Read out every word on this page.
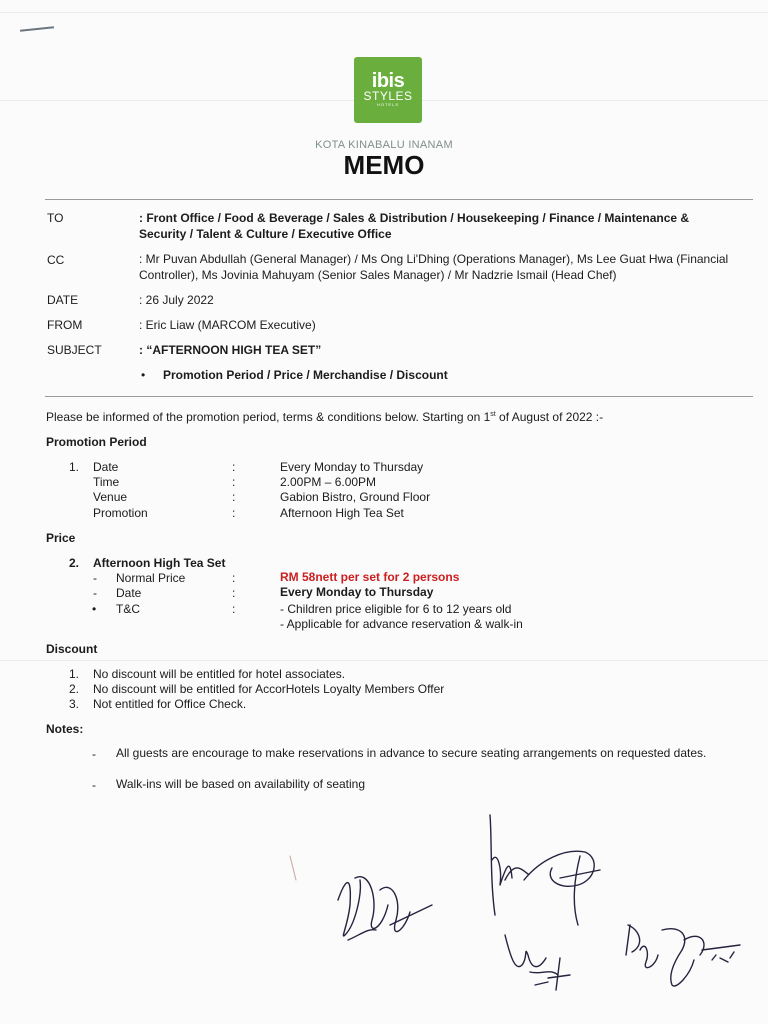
ibis
STYLES
HOTELS
KOTA KINABALU INANAM
MEMO
TO	: Front Office / Food & Beverage / Sales & Distribution / Housekeeping / Finance / Maintenance & Security / Talent & Culture / Executive Office
CC	: Mr Puvan Abdullah (General Manager) / Ms Ong Li'Dhing (Operations Manager), Ms Lee Guat Hwa (Financial Controller), Ms Jovinia Mahuyam (Senior Sales Manager) / Mr Nadzrie Ismail (Head Chef)
DATE	: 26 July 2022
FROM	: Eric Liaw (MARCOM Executive)
SUBJECT	: “AFTERNOON HIGH TEA SET”
• Promotion Period / Price / Merchandise / Discount
Please be informed of the promotion period, terms & conditions below. Starting on 1st of August of 2022 :-
Promotion Period
1. Date	:	Every Monday to Thursday
Time	:	2.00PM – 6.00PM
Venue	:	Gabion Bistro, Ground Floor
Promotion	:	Afternoon High Tea Set
Price
2. Afternoon High Tea Set
- Normal Price	:	RM 58nett per set for 2 persons
- Date	:	Every Monday to Thursday
• T&C	:	- Children price eligible for 6 to 12 years old
- Applicable for advance reservation & walk-in
Discount
1. No discount will be entitled for hotel associates.
2. No discount will be entitled for AccorHotels Loyalty Members Offer
3. Not entitled for Office Check.
Notes:
- All guests are encourage to make reservations in advance to secure seating arrangements on requested dates.
- Walk-ins will be based on availability of seating
